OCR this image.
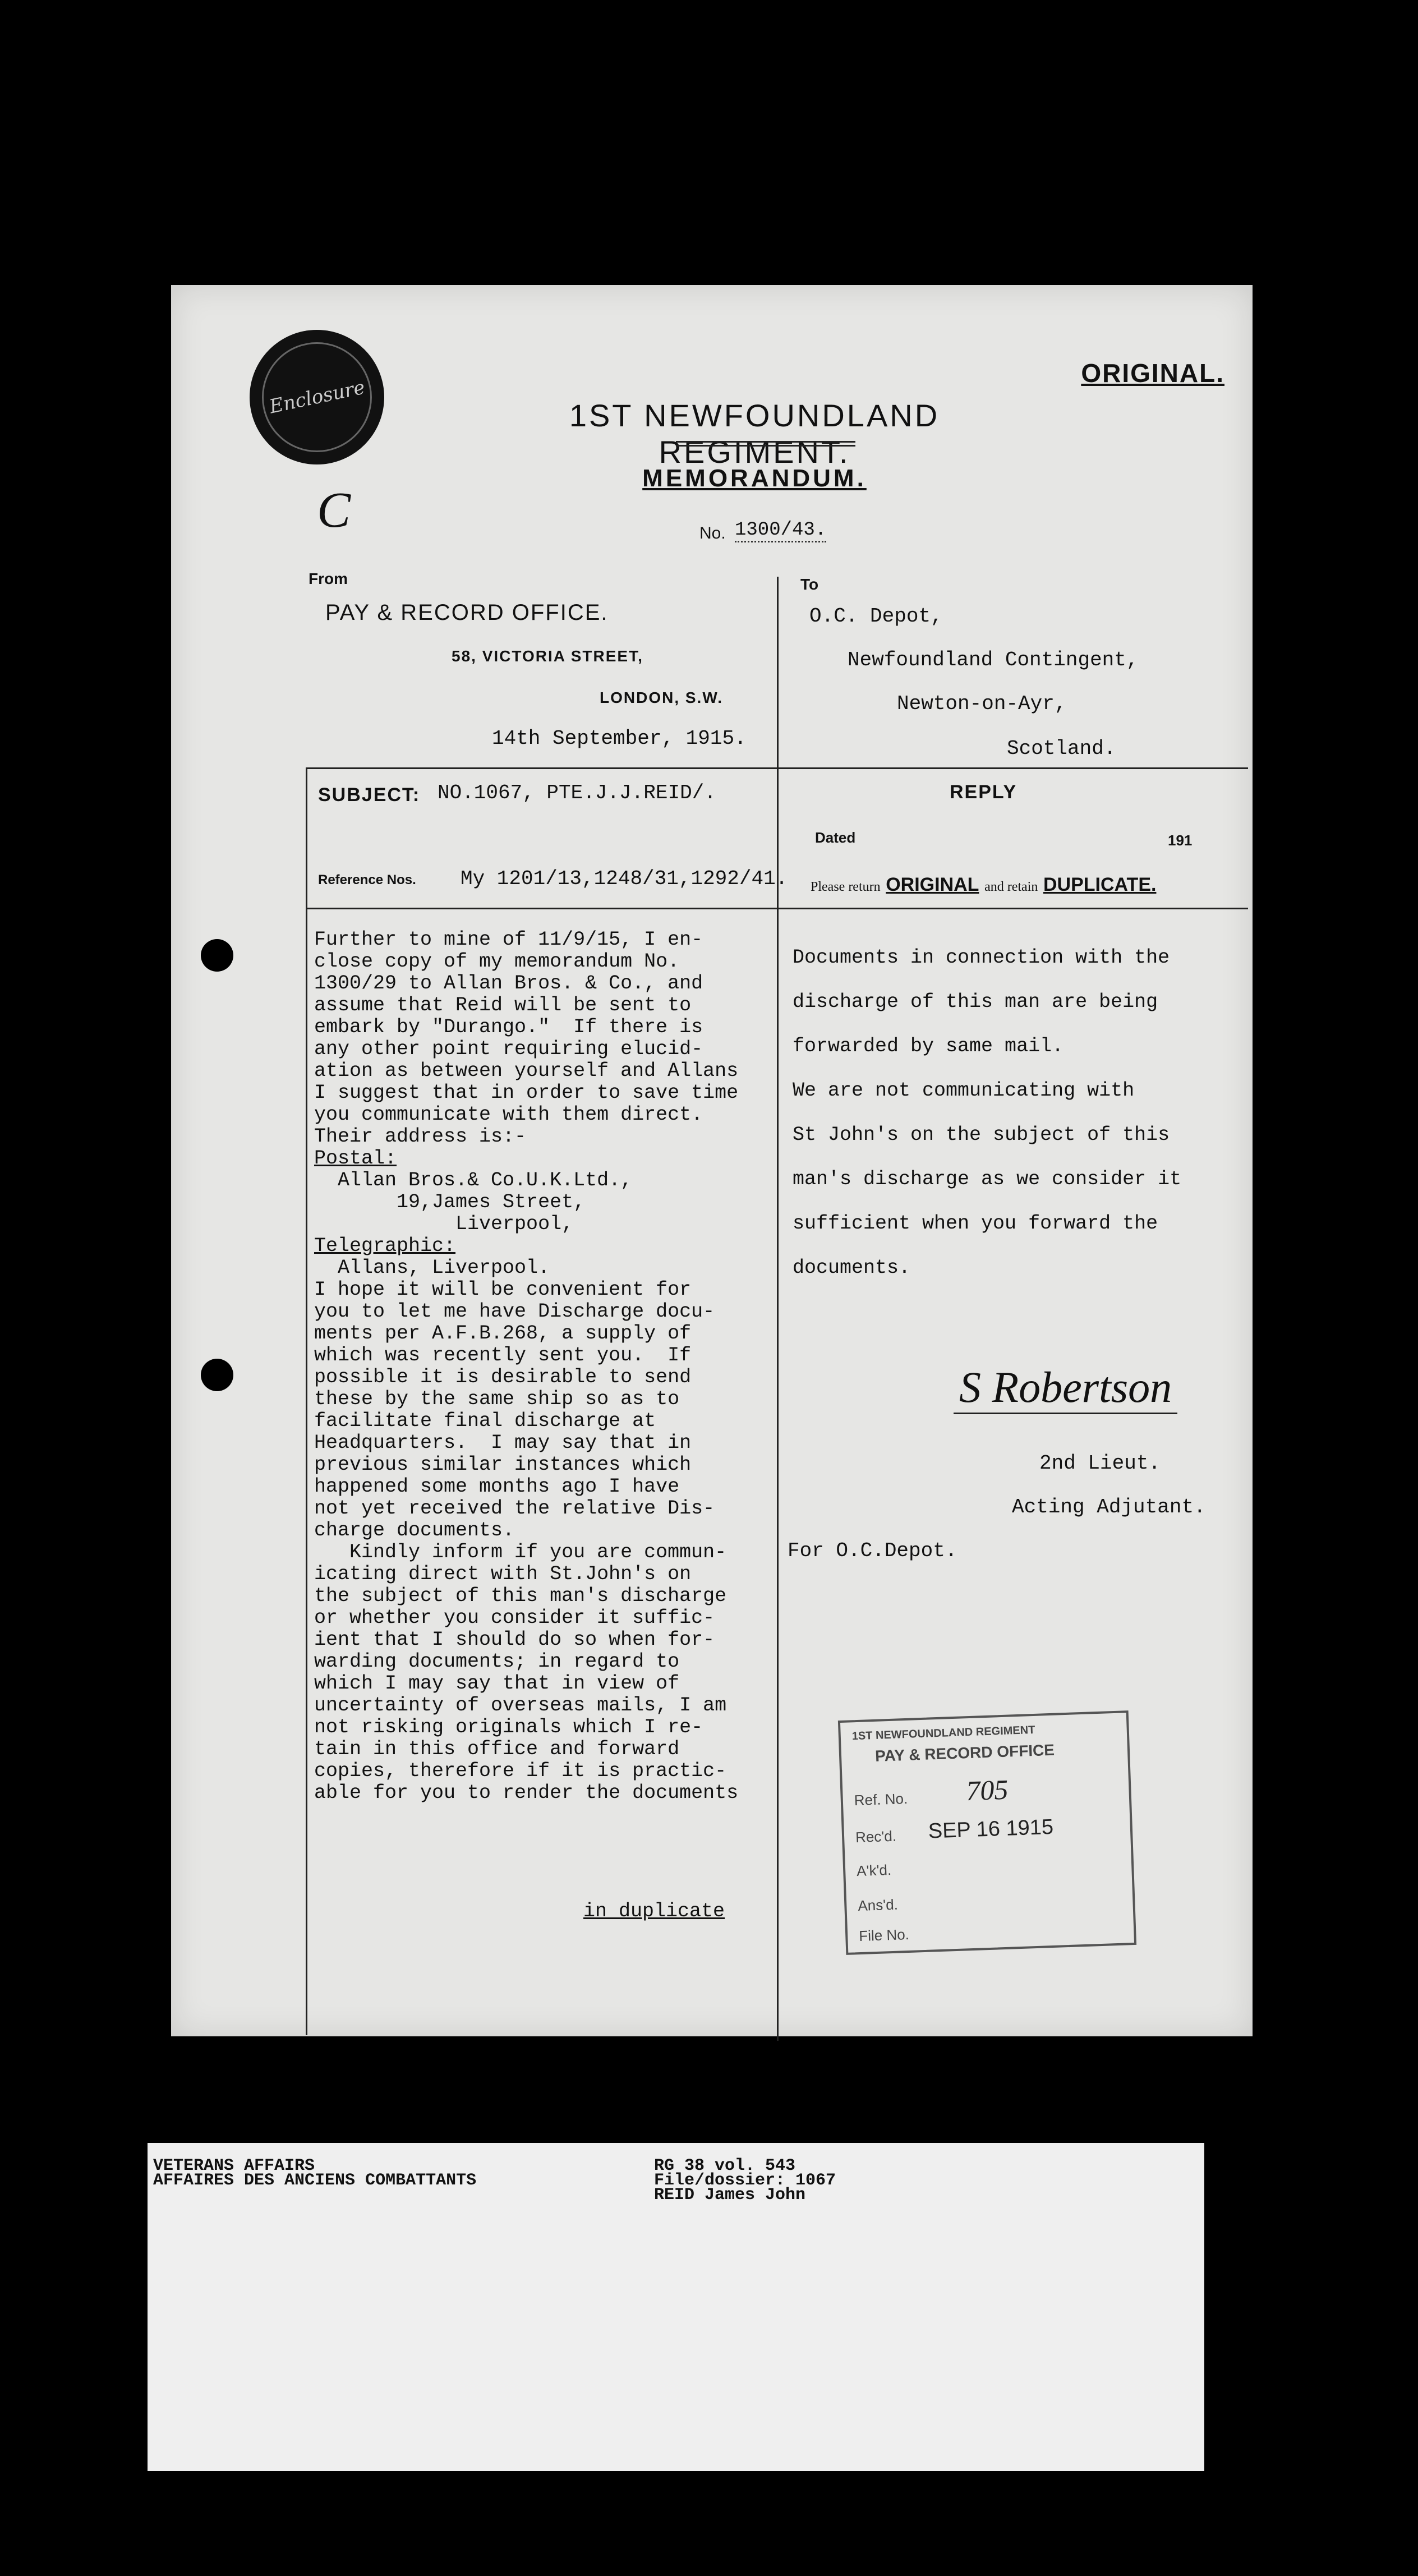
Enclosure
ORIGINAL.
1ST NEWFOUNDLAND REGIMENT.
MEMORANDUM.
C	No. 1300/43.
From
PAY & RECORD OFFICE.
58, VICTORIA STREET,
LONDON, S.W.
14th September, 1915.
To
O.C. Depot,
Newfoundland Contingent,
Newton-on-Ayr,
Scotland.
SUBJECT: NO.1067, PTE.J.J.REID/.
Reference Nos. My 1201/13,1248/31,1292/41.
REPLY
Dated	191
Please return ORIGINAL and retain DUPLICATE.
Further to mine of 11/9/15, I en-
close copy of my memorandum No.
1300/29 to Allan Bros. & Co., and
assume that Reid will be sent to
embark by "Durango."  If there is
any other point requiring elucid-
ation as between yourself and Allans
I suggest that in order to save time
you communicate with them direct.
Their address is:-
Postal:
Allan Bros.& Co.U.K.Ltd.,
19,James Street,
Liverpool,
Telegraphic:
Allans, Liverpool.
I hope it will be convenient for
you to let me have Discharge docu-
ments per A.F.B.268, a supply of
which was recently sent you.  If
possible it is desirable to send
these by the same ship so as to
facilitate final discharge at
Headquarters.  I may say that in
previous similar instances which
happened some months ago I have
not yet received the relative Dis-
charge documents.
Kindly inform if you are commun-
icating direct with St.John's on
the subject of this man's discharge
or whether you consider it suffic-
ient that I should do so when for-
warding documents; in regard to
which I may say that in view of
uncertainty of overseas mails, I am
not risking originals which I re-
tain in this office and forward
copies, therefore if it is practic-
able for you to render the documents
in duplicate
Documents in connection with the
discharge of this man are being
forwarded by same mail.
We are not communicating with
St John's on the subject of this
man's discharge as we consider it
sufficient when you forward the
documents.
S Robertson
2nd Lieut.
Acting Adjutant.
For O.C.Depot.
1ST NEWFOUNDLAND REGIMENT
PAY & RECORD OFFICE
Ref. No. 705
Rec'd. SEP 16 1915
A'k'd.
Ans'd.
File No.
VETERANS AFFAIRS
AFFAIRES DES ANCIENS COMBATTANTS
RG 38 vol. 543
File/dossier: 1067
REID James John
